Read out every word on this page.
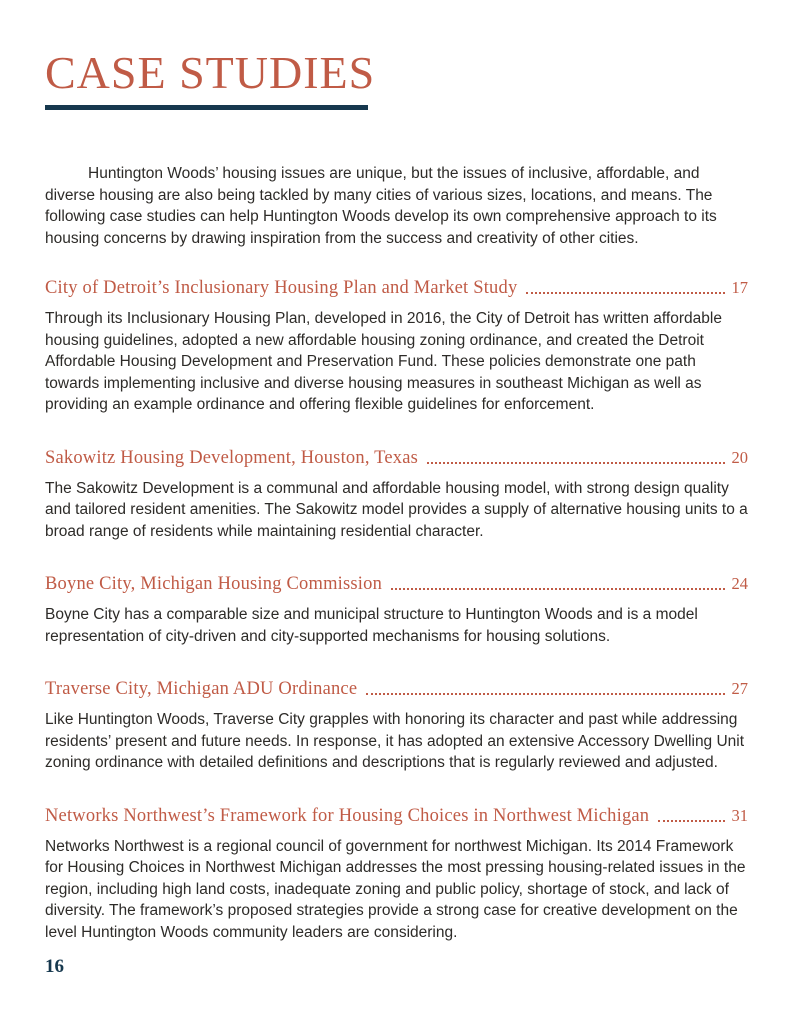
CASE STUDIES

Huntington Woods’ housing issues are unique, but the issues of inclusive, affordable, and diverse housing are also being tackled by many cities of various sizes, locations, and means. The following case studies can help Huntington Woods develop its own comprehensive approach to its housing concerns by drawing inspiration from the success and creativity of other cities.

City of Detroit’s Inclusionary Housing Plan and Market Study	17

Through its Inclusionary Housing Plan, developed in 2016, the City of Detroit has written affordable housing guidelines, adopted a new affordable housing zoning ordinance, and created the Detroit Affordable Housing Development and Preservation Fund. These policies demonstrate one path towards implementing inclusive and diverse housing measures in southeast Michigan as well as providing an example ordinance and offering flexible guidelines for enforcement.

Sakowitz Housing Development, Houston, Texas	20

The Sakowitz Development is a communal and affordable housing model, with strong design quality and tailored resident amenities. The Sakowitz model provides a supply of alternative housing units to a broad range of residents while maintaining residential character.

Boyne City, Michigan Housing Commission	24

Boyne City has a comparable size and municipal structure to Huntington Woods and is a model representation of city-driven and city-supported mechanisms for housing solutions.

Traverse City, Michigan ADU Ordinance	27

Like Huntington Woods, Traverse City grapples with honoring its character and past while addressing residents’ present and future needs. In response, it has adopted an extensive Accessory Dwelling Unit zoning ordinance with detailed definitions and descriptions that is regularly reviewed and adjusted.

Networks Northwest’s Framework for Housing Choices in Northwest Michigan	31

Networks Northwest is a regional council of government for northwest Michigan. Its 2014 Framework for Housing Choices in Northwest Michigan addresses the most pressing housing-related issues in the region, including high land costs, inadequate zoning and public policy, shortage of stock, and lack of diversity. The framework’s proposed strategies provide a strong case for creative development on the level Huntington Woods community leaders are considering.

16
